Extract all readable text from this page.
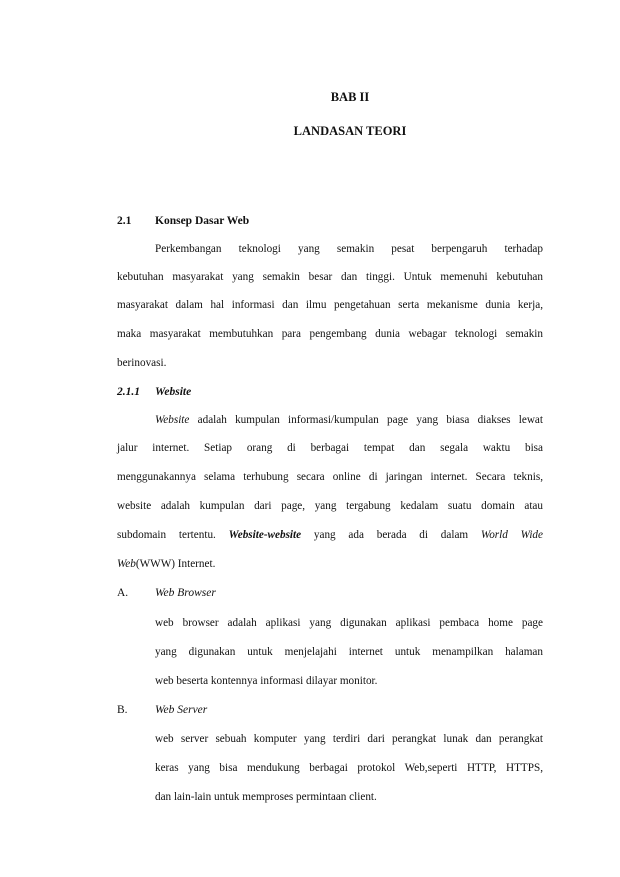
BAB II
LANDASAN TEORI
2.1 Konsep Dasar Web
Perkembangan teknologi yang semakin pesat berpengaruh terhadap
kebutuhan masyarakat yang semakin besar dan tinggi. Untuk memenuhi kebutuhan
masyarakat dalam hal informasi dan ilmu pengetahuan serta mekanisme dunia kerja,
maka masyarakat membutuhkan para pengembang dunia webagar teknologi semakin
berinovasi.
2.1.1 Website
Website adalah kumpulan informasi/kumpulan page yang biasa diakses lewat
jalur internet. Setiap orang di berbagai tempat dan segala waktu bisa
menggunakannya selama terhubung secara online di jaringan internet. Secara teknis,
website adalah kumpulan dari page, yang tergabung kedalam suatu domain atau
subdomain tertentu. Website-website yang ada berada di dalam World Wide
Web(WWW) Internet.
A. Web Browser
web browser adalah aplikasi yang digunakan aplikasi pembaca home page
yang digunakan untuk menjelajahi internet untuk menampilkan halaman
web beserta kontennya informasi dilayar monitor.
B. Web Server
web server sebuah komputer yang terdiri dari perangkat lunak dan perangkat
keras yang bisa mendukung berbagai protokol Web,seperti HTTP, HTTPS,
dan lain-lain untuk memproses permintaan client.
